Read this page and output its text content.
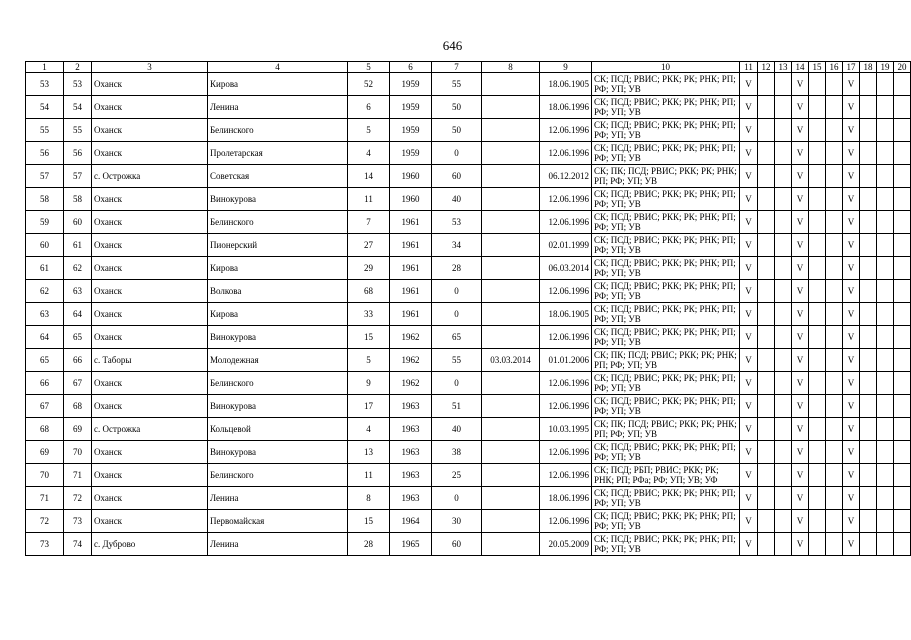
646
1	2	3	4	5	6	7	8	9	10	11	12	13	14	15	16	17	18	19	20
53	53	Оханск	Кирова	52	1959	55		18.06.1905	СК; ПСД; РВИС; РКК; РК; РНК; РП; РФ; УП; УВ	V			V			V			
54	54	Оханск	Ленина	6	1959	50		18.06.1996	СК; ПСД; РВИС; РКК; РК; РНК; РП; РФ; УП; УВ	V			V			V			
55	55	Оханск	Белинского	5	1959	50		12.06.1996	СК; ПСД; РВИС; РКК; РК; РНК; РП; РФ; УП; УВ	V			V			V			
56	56	Оханск	Пролетарская	4	1959	0		12.06.1996	СК; ПСД; РВИС; РКК; РК; РНК; РП; РФ; УП; УВ	V			V			V			
57	57	с. Острожка	Советская	14	1960	60		06.12.2012	СК; ПК; ПСД; РВИС; РКК; РК; РНК; РП; РФ; УП; УВ	V			V			V			
58	58	Оханск	Винокурова	11	1960	40		12.06.1996	СК; ПСД; РВИС; РКК; РК; РНК; РП; РФ; УП; УВ	V			V			V			
59	60	Оханск	Белинского	7	1961	53		12.06.1996	СК; ПСД; РВИС; РКК; РК; РНК; РП; РФ; УП; УВ	V			V			V			
60	61	Оханск	Пионерский	27	1961	34		02.01.1999	СК; ПСД; РВИС; РКК; РК; РНК; РП; РФ; УП; УВ	V			V			V			
61	62	Оханск	Кирова	29	1961	28		06.03.2014	СК; ПСД; РВИС; РКК; РК; РНК; РП; РФ; УП; УВ	V			V			V			
62	63	Оханск	Волкова	68	1961	0		12.06.1996	СК; ПСД; РВИС; РКК; РК; РНК; РП; РФ; УП; УВ	V			V			V			
63	64	Оханск	Кирова	33	1961	0		18.06.1905	СК; ПСД; РВИС; РКК; РК; РНК; РП; РФ; УП; УВ	V			V			V			
64	65	Оханск	Винокурова	15	1962	65		12.06.1996	СК; ПСД; РВИС; РКК; РК; РНК; РП; РФ; УП; УВ	V			V			V			
65	66	с. Таборы	Молодежная	5	1962	55	03.03.2014	01.01.2006	СК; ПК; ПСД; РВИС; РКК; РК; РНК; РП; РФ; УП; УВ	V			V			V			
66	67	Оханск	Белинского	9	1962	0		12.06.1996	СК; ПСД; РВИС; РКК; РК; РНК; РП; РФ; УП; УВ	V			V			V			
67	68	Оханск	Винокурова	17	1963	51		12.06.1996	СК; ПСД; РВИС; РКК; РК; РНК; РП; РФ; УП; УВ	V			V			V			
68	69	с. Острожка	Кольцевой	4	1963	40		10.03.1995	СК; ПК; ПСД; РВИС; РКК; РК; РНК; РП; РФ; УП; УВ	V			V			V			
69	70	Оханск	Винокурова	13	1963	38		12.06.1996	СК; ПСД; РВИС; РКК; РК; РНК; РП; РФ; УП; УВ	V			V			V			
70	71	Оханск	Белинского	11	1963	25		12.06.1996	СК; ПСД; РБП; РВИС; РКК; РК; РНК; РП; РФа; РФ; УП; УВ; УФ	V			V			V			
71	72	Оханск	Ленина	8	1963	0		18.06.1996	СК; ПСД; РВИС; РКК; РК; РНК; РП; РФ; УП; УВ	V			V			V			
72	73	Оханск	Первомайская	15	1964	30		12.06.1996	СК; ПСД; РВИС; РКК; РК; РНК; РП; РФ; УП; УВ	V			V			V			
73	74	с. Дуброво	Ленина	28	1965	60		20.05.2009	СК; ПСД; РВИС; РКК; РК; РНК; РП; РФ; УП; УВ	V			V			V			
